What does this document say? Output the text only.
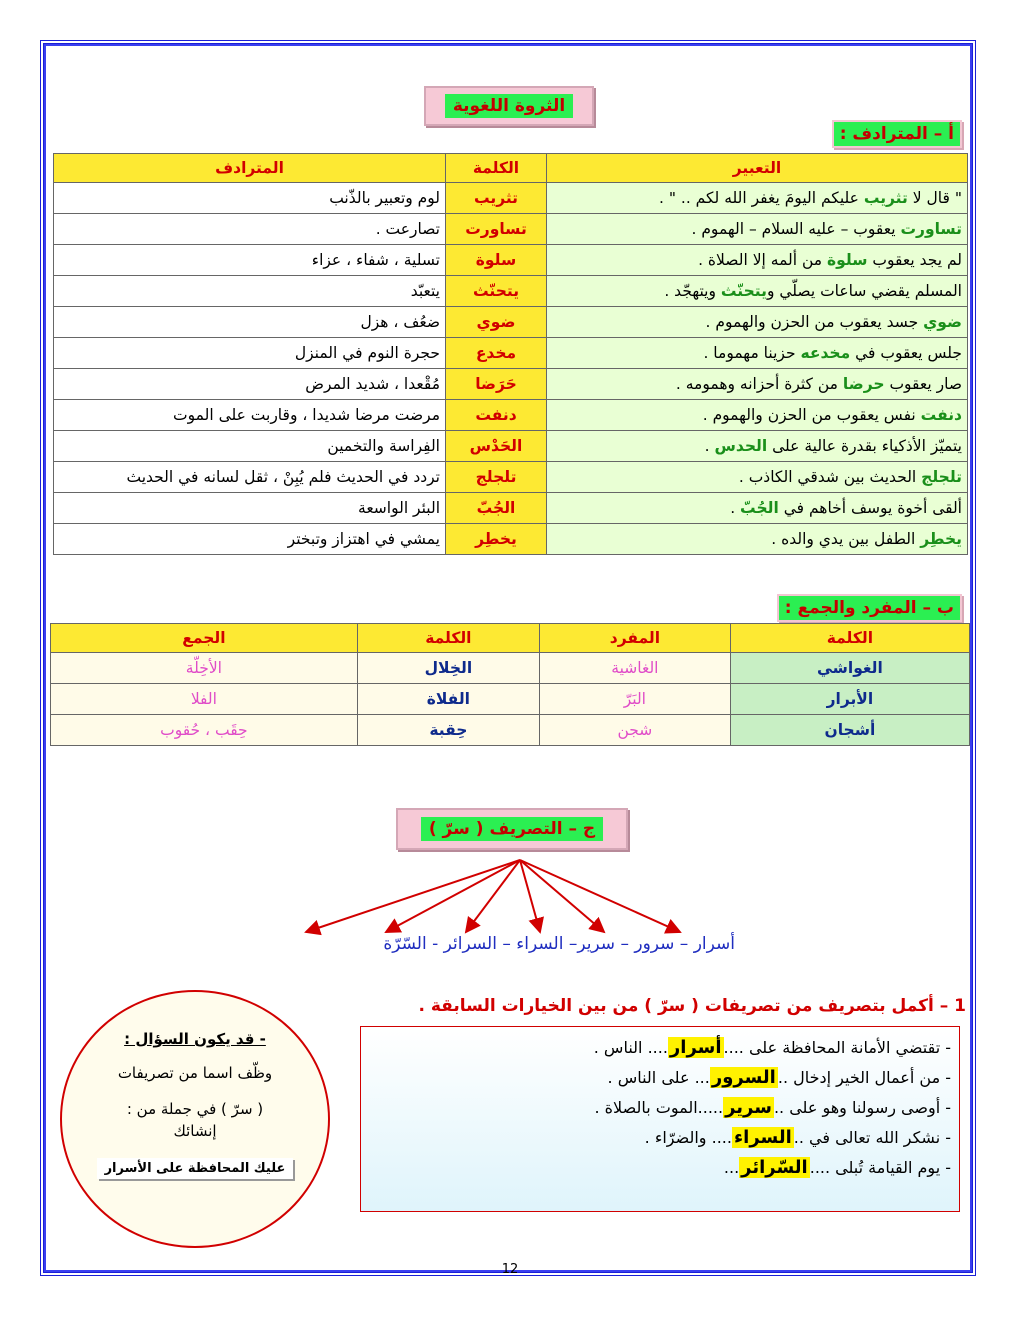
الثروة اللغوية
أ – المترادف :
التعبير	الكلمة	المترادف
" قال لا تثريب عليكم اليومَ يغفر الله لكم .. " .	تثريب	لوم وتعبير بالذّنب
تساورت يعقوب – عليه السلام – الهموم .	تساورت	تصارعت .
لم يجد يعقوب سلوة من ألمه إلا الصلاة .	سلوة	تسلية ، شفاء ، عزاء
المسلم يقضي ساعات يصلّي ويتحنّث ويتهجّد .	يتحنّث	يتعبّد
ضوي جسد يعقوب من الحزن والهموم .	ضوي	ضعُف ، هزل
جلس يعقوب في مخدعه حزينا مهموما .	مخدع	حجرة النوم في المنزل
صار يعقوب حرضا من كثرة أحزانه وهمومه .	حَرَضا	مُقْعدا ، شديد المرض
دنفت نفس يعقوب من الحزن والهموم .	دنفت	مرضت مرضا شديدا ، وقاربت على الموت
يتميّز الأذكياء بقدرة عالية على الحدس .	الحَدْس	الفِراسة والتخمين
تلجلج الحديث بين شدقي الكاذب .	تلجلج	تردد في الحديث فلم يُبِنْ ، ثقل لسانه في الحديث
ألقى أخوة يوسف أخاهم في الجُبّ .	الجُبّ	البئر الواسعة
يخطِر الطفل بين يدي والده .	يخطِر	يمشي في اهتزاز وتبختر
ب – المفرد والجمع :
الكلمة	المفرد	الكلمة	الجمع
الغواشي	الغاشية	الخِلال	الأخِلّة
الأبرار	البَرّ	الفلاة	الفلا
أشجان	شجن	حِقبة	حِقَب ، حُقوب
ج – التصريف ( سرّ )
أسرار – سرور – سرير– السراء – السرائر - السّرّة
1 – أكمل بتصريف من تصريفات ( سرّ ) من بين الخيارات السابقة .
- تقتضي الأمانة المحافظة على ....أسرار.... الناس .
- من أعمال الخير إدخال ..السرور... على الناس .
- أوصى رسولنا وهو على ..سرير.....الموت بالصلاة .
- نشكر الله تعالى في ..السراء.... والضرّاء .
- يوم القيامة تُبلى ....السّرائر...
- قد يكون السؤال :
وظّف اسما من تصريفات
( سرّ ) في جملة من :
إنشائك
عليك المحافظة على الأسرار
12
